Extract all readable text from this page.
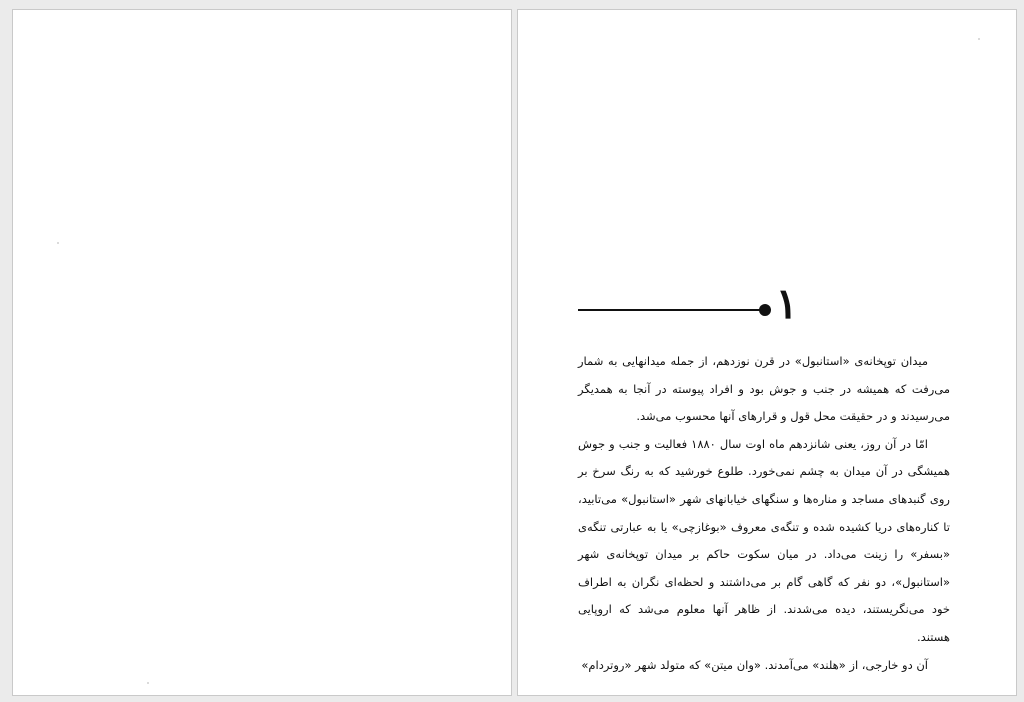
۱

میدان توپخانه‌ی «استانبول» در قرن نوزدهم، از جمله میدانهایی به شمار می‌رفت که همیشه در جنب و جوش بود و افراد پیوسته در آنجا به همدیگر می‌رسیدند و در حقیقت محل قول و قرارهای آنها محسوب می‌شد.

امّا در آن روز، یعنی شانزدهم ماه اوت سال ۱۸۸۰ فعالیت و جنب و جوش همیشگی در آن میدان به چشم نمی‌خورد. طلوع خورشید که به رنگ سرخ بر روی گنبدهای مساجد و مناره‌ها و سنگهای خیابانهای شهر «استانبول» می‌تابید، تا کناره‌های دریا کشیده شده و تنگه‌ی معروف «بوغازچی» یا به عبارتی تنگه‌ی «بسفر» را زینت می‌داد. در میان سکوت حاکم بر میدان توپخانه‌ی شهر «استانبول»، دو نفر که گاهی گام بر می‌داشتند و لحظه‌ای نگران به اطراف خود می‌نگریستند، دیده می‌شدند. از ظاهر آنها معلوم می‌شد که اروپایی هستند.

آن دو خارجی، از «هلند» می‌آمدند. «وان میتن» که متولد شهر «روتردام»
